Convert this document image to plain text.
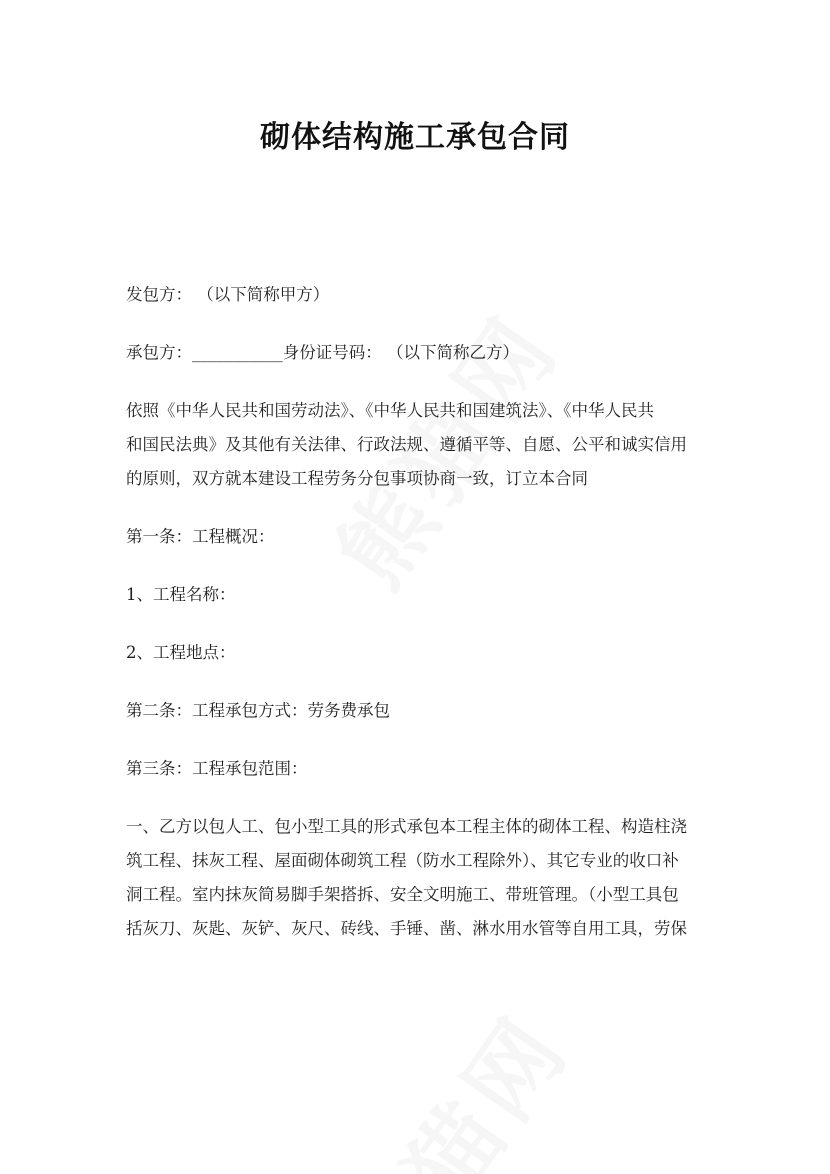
砌体结构施工承包合同

发包方： （以下简称甲方）

承包方：___________身份证号码： （以下简称乙方）

依照《中华人民共和国劳动法》、《中华人民共和国建筑法》、《中华人民共

和国民法典》及其他有关法律、行政法规、遵循平等、自愿、公平和诚实信用

的原则，双方就本建设工程劳务分包事项协商一致，订立本合同

第一条：工程概况：

1、工程名称：

2、工程地点：

第二条：工程承包方式：劳务费承包

第三条：工程承包范围：

一、乙方以包人工、包小型工具的形式承包本工程主体的砌体工程、构造柱浇

筑工程、抹灰工程、屋面砌体砌筑工程（防水工程除外）、其它专业的收口补

洞工程。室内抹灰简易脚手架搭拆、安全文明施工、带班管理。（小型工具包

括灰刀、灰匙、灰铲、灰尺、砖线、手锤、凿、淋水用水管等自用工具，劳保
